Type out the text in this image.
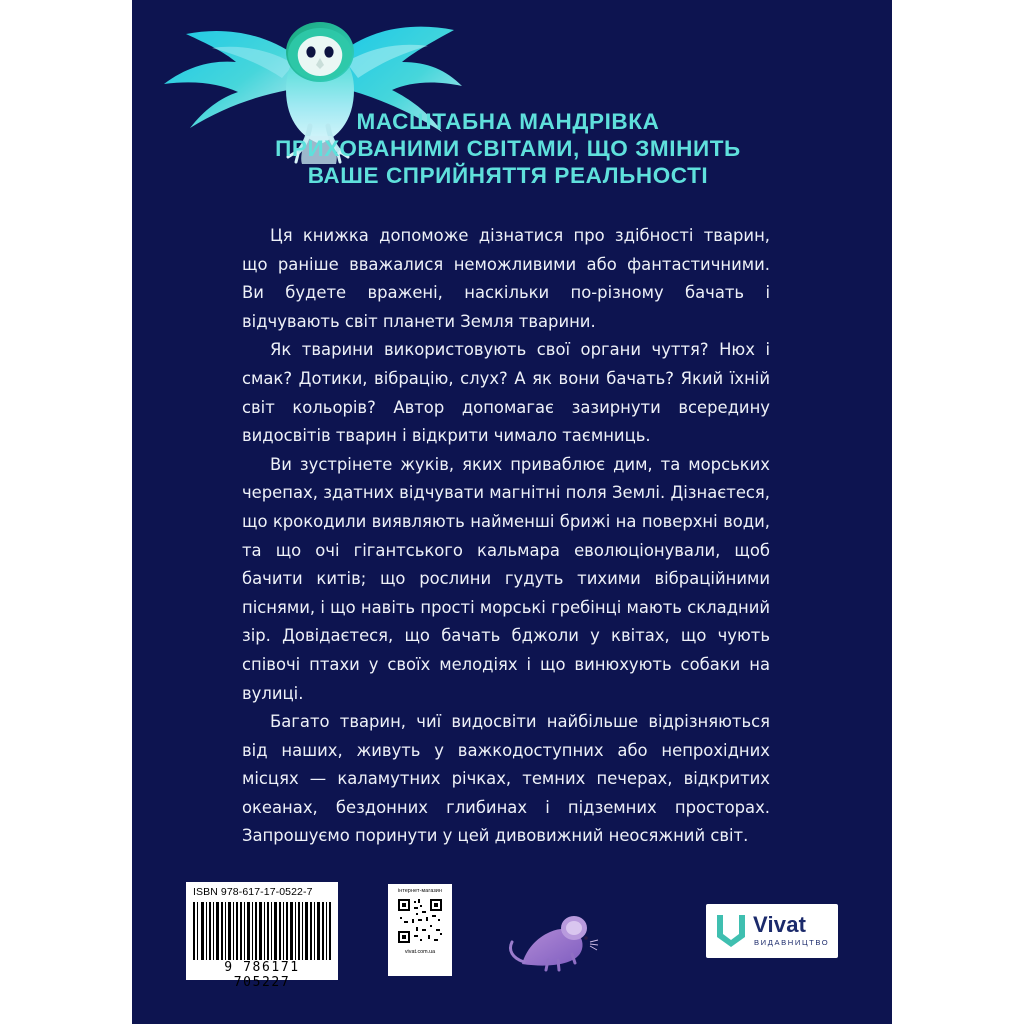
МАСШТАБНА МАНДРІВКА
ПРИХОВАНИМИ СВІТАМИ, ЩО ЗМІНИТЬ
ВАШЕ СПРИЙНЯТТЯ РЕАЛЬНОСТІ

Ця книжка допоможе дізнатися про здібності тварин, що раніше вважалися неможливими або фантастичними. Ви будете вражені, наскільки по-різному бачать і відчувають світ планети Земля тварини.

Як тварини використовують свої органи чуття? Нюх і смак? Дотики, вібрацію, слух? А як вони бачать? Який їхній світ кольорів? Автор допомагає зазирнути всередину видосвітів тварин і відкрити чимало таємниць.

Ви зустрінете жуків, яких приваблює дим, та морських черепах, здатних відчувати магнітні поля Землі. Дізнаєтеся, що крокодили виявляють найменші брижі на поверхні води, та що очі гігантського кальмара еволюціонували, щоб бачити китів; що рослини гудуть тихими вібраційними піснями, і що навіть прості морські гребінці мають складний зір. Довідаєтеся, що бачать бджоли у квітах, що чують співочі птахи у своїх мелодіях і що винюхують собаки на вулиці.

Багато тварин, чиї видосвіти найбільше відрізняються від наших, живуть у важкодоступних або непрохідних місцях — каламутних річках, темних печерах, відкритих океанах, бездонних глибинах і підземних просторах. Запрошуємо поринути у цей дивовижний неосяжний світ.

ISBN 978-617-17-0522-7
9 786171 705227
інтернет-магазин
vivat.com.ua
Vivat
ВИДАВНИЦТВО
